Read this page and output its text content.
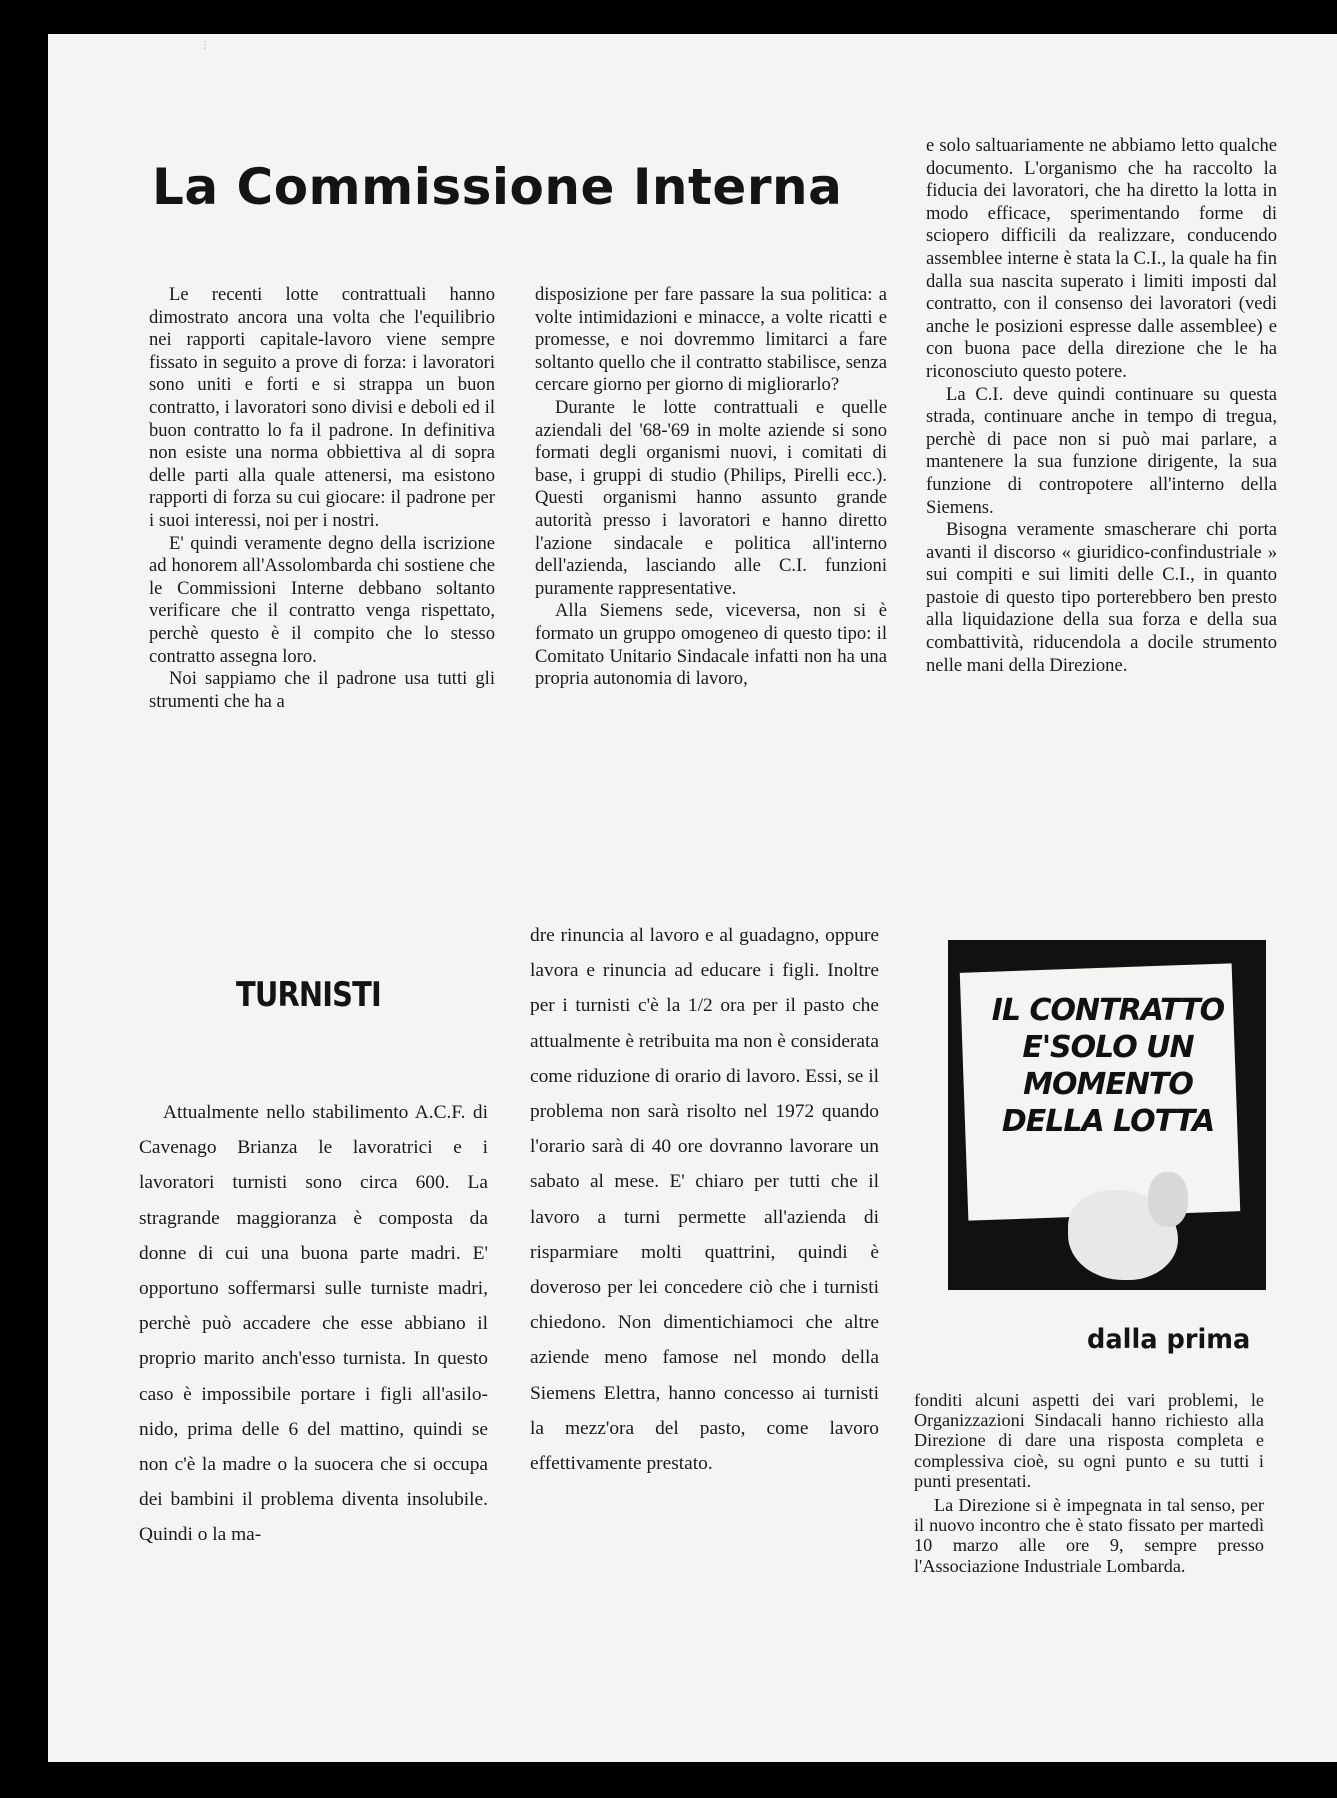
⋮
La Commissione Interna

Le recenti lotte contrattuali hanno dimostrato ancora una volta che l'equilibrio nei rapporti capitale-lavoro viene sempre fissato in seguito a prove di forza: i lavoratori sono uniti e forti e si strappa un buon contratto, i lavoratori sono divisi e deboli ed il buon contratto lo fa il padrone. In definitiva non esiste una norma obbiettiva al di sopra delle parti alla quale attenersi, ma esistono rapporti di forza su cui giocare: il padrone per i suoi interessi, noi per i nostri.

E' quindi veramente degno della iscrizione ad honorem all'Assolombarda chi sostiene che le Commissioni Interne debbano soltanto verificare che il contratto venga rispettato, perchè questo è il compito che lo stesso contratto assegna loro.

Noi sappiamo che il padrone usa tutti gli strumenti che ha a

disposizione per fare passare la sua politica: a volte intimidazioni e minacce, a volte ricatti e promesse, e noi dovremmo limitarci a fare soltanto quello che il contratto stabilisce, senza cercare giorno per giorno di migliorarlo?

Durante le lotte contrattuali e quelle aziendali del '68-'69 in molte aziende si sono formati degli organismi nuovi, i comitati di base, i gruppi di studio (Philips, Pirelli ecc.). Questi organismi hanno assunto grande autorità presso i lavoratori e hanno diretto l'azione sindacale e politica all'interno dell'azienda, lasciando alle C.I. funzioni puramente rappresentative.

Alla Siemens sede, viceversa, non si è formato un gruppo omogeneo di questo tipo: il Comitato Unitario Sindacale infatti non ha una propria autonomia di lavoro,

e solo saltuariamente ne abbiamo letto qualche documento. L'organismo che ha raccolto la fiducia dei lavoratori, che ha diretto la lotta in modo efficace, sperimentando forme di sciopero difficili da realizzare, conducendo assemblee interne è stata la C.I., la quale ha fin dalla sua nascita superato i limiti imposti dal contratto, con il consenso dei lavoratori (vedi anche le posizioni espresse dalle assemblee) e con buona pace della direzione che le ha riconosciuto questo potere.

La C.I. deve quindi continuare su questa strada, continuare anche in tempo di tregua, perchè di pace non si può mai parlare, a mantenere la sua funzione dirigente, la sua funzione di contropotere all'interno della Siemens.

Bisogna veramente smascherare chi porta avanti il discorso « giuridico-confindustriale » sui compiti e sui limiti delle C.I., in quanto pastoie di questo tipo porterebbero ben presto alla liquidazione della sua forza e della sua combattività, riducendola a docile strumento nelle mani della Direzione.

TURNISTI

Attualmente nello stabilimento A.C.F. di Cavenago Brianza le lavoratrici e i lavoratori turnisti sono circa 600. La stragrande maggioranza è composta da donne di cui una buona parte madri. E' opportuno soffermarsi sulle turniste madri, perchè può accadere che esse abbiano il proprio marito anch'esso turnista. In questo caso è impossibile portare i figli all'asilo-nido, prima delle 6 del mattino, quindi se non c'è la madre o la suocera che si occupa dei bambini il problema diventa insolubile. Quindi o la ma-

dre rinuncia al lavoro e al guadagno, oppure lavora e rinuncia ad educare i figli. Inoltre per i turnisti c'è la 1/2 ora per il pasto che attualmente è retribuita ma non è considerata come riduzione di orario di lavoro. Essi, se il problema non sarà risolto nel 1972 quando l'orario sarà di 40 ore dovranno lavorare un sabato al mese. E' chiaro per tutti che il lavoro a turni permette all'azienda di risparmiare molti quattrini, quindi è doveroso per lei concedere ciò che i turnisti chiedono. Non dimentichiamoci che altre aziende meno famose nel mondo della Siemens Elettra, hanno concesso ai turnisti la mezz'ora del pasto, come lavoro effettivamente prestato.

IL CONTRATTO E'SOLO UN MOMENTO DELLA LOTTA
dalla prima

fonditi alcuni aspetti dei vari problemi, le Organizzazioni Sindacali hanno richiesto alla Direzione di dare una risposta completa e complessiva cioè, su ogni punto e su tutti i punti presentati.

La Direzione si è impegnata in tal senso, per il nuovo incontro che è stato fissato per martedì 10 marzo alle ore 9, sempre presso l'Associazione Industriale Lombarda.
